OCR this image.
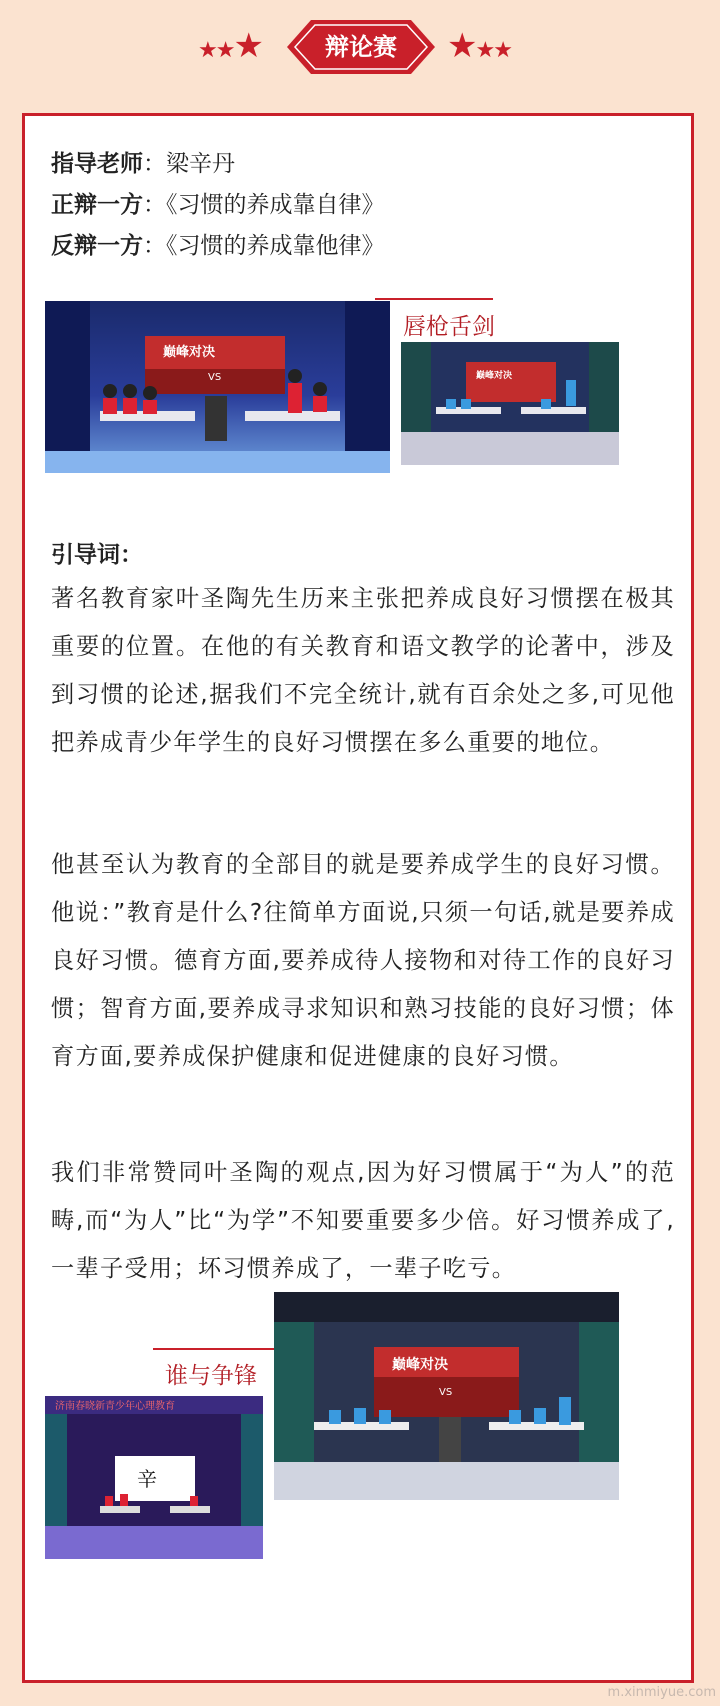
★★★	辩论赛	★★★
指导老师：梁辛丹
正辩一方：《习惯的养成靠自律》
反辩一方：《习惯的养成靠他律》
巅峰对决
VS
唇枪舌剑
巅峰对决
引导词：

著名教育家叶圣陶先生历来主张把养成良好习惯摆在极其重要的位置。在他的有关教育和语文教学的论著中，涉及到习惯的论述,据我们不完全统计,就有百余处之多,可见他把养成青少年学生的良好习惯摆在多么重要的地位。

他甚至认为教育的全部目的就是要养成学生的良好习惯。他说：”教育是什么?往简单方面说,只须一句话,就是要养成良好习惯。德育方面,要养成待人接物和对待工作的良好习惯；智育方面,要养成寻求知识和熟习技能的良好习惯；体育方面,要养成保护健康和促进健康的良好习惯。

我们非常赞同叶圣陶的观点,因为好习惯属于“为人”的范畴,而“为人”比“为学”不知要重要多少倍。好习惯养成了,一辈子受用；坏习惯养成了，一辈子吃亏。

谁与争锋
济南春晓新青少年心理教育
辛
巅峰对决
VS
m.xinmiyue.com
